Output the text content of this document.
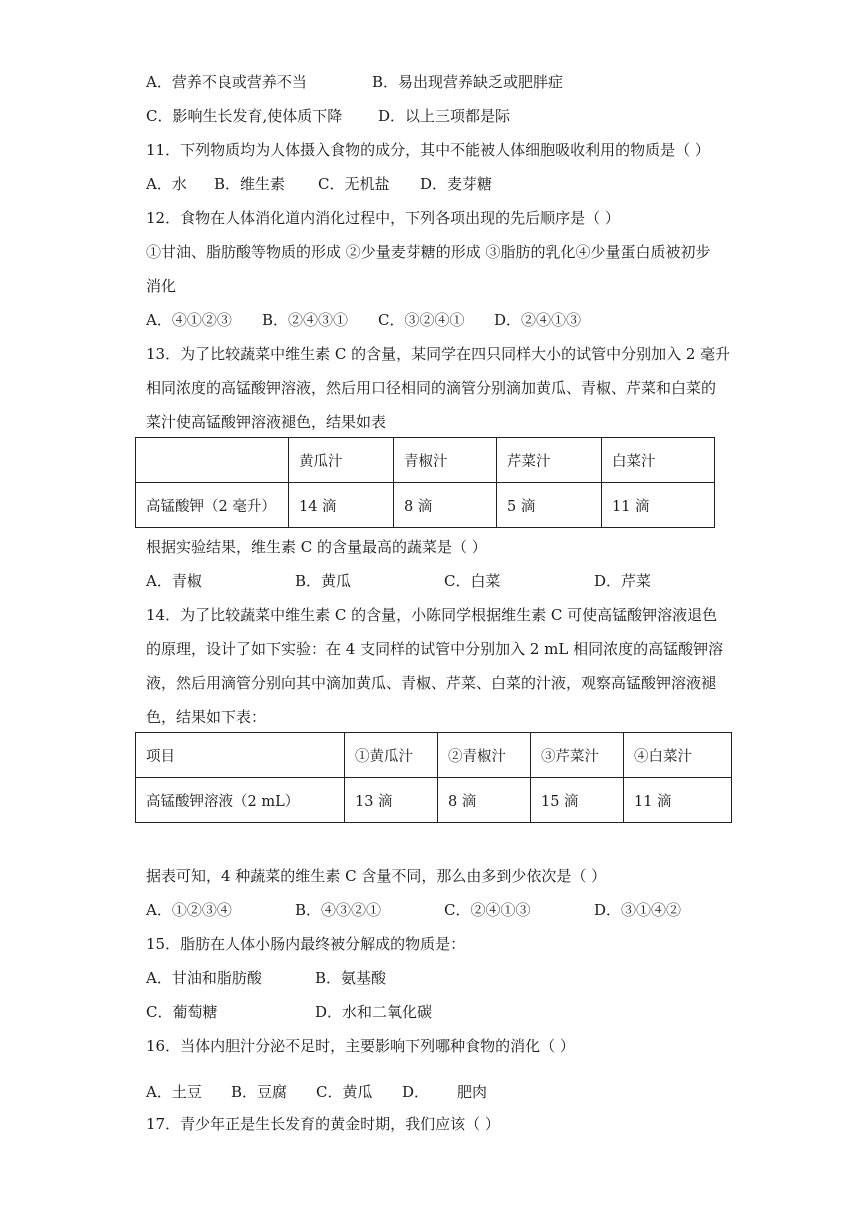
A．营养不良或营养不当	B．易出现营养缺乏或肥胖症
C．影响生长发育,使体质下降 D．以上三项都是际
11．下列物质均为人体摄入食物的成分，其中不能被人体细胞吸收利用的物质是（ ）
A．水 B．维生素 C．无机盐 D．麦芽糖
12．食物在人体消化道内消化过程中，下列各项出现的先后顺序是（ ）
①甘油、脂肪酸等物质的形成 ②少量麦芽糖的形成 ③脂肪的乳化④少量蛋白质被初步
消化
A．④①②③ B．②④③① C．③②④① D．②④①③
13．为了比较蔬菜中维生素 C 的含量，某同学在四只同样大小的试管中分别加入 2 毫升
相同浓度的高锰酸钾溶液，然后用口径相同的滴管分别滴加黄瓜、青椒、芹菜和白菜的
菜汁使高锰酸钾溶液褪色，结果如表
	黄瓜汁	青椒汁	芹菜汁	白菜汁
高锰酸钾（2 毫升）	14 滴	8 滴	5 滴	11 滴
根据实验结果，维生素 C 的含量最高的蔬菜是（ ）
A．青椒	B．黄瓜	C．白菜	D．芹菜
14．为了比较蔬菜中维生素 C 的含量，小陈同学根据维生素 C 可使高锰酸钾溶液退色
的原理，设计了如下实验：在 4 支同样的试管中分别加入 2 mL 相同浓度的高锰酸钾溶
液，然后用滴管分别向其中滴加黄瓜、青椒、芹菜、白菜的汁液，观察高锰酸钾溶液褪
色，结果如下表：
项目	①黄瓜汁	②青椒汁	③芹菜汁	④白菜汁
高锰酸钾溶液（2 mL）	13 滴	8 滴	15 滴	11 滴
据表可知，4 种蔬菜的维生素 C 含量不同，那么由多到少依次是（ ）
A．①②③④	B．④③②①	C．②④①③	D．③①④②
15．脂肪在人体小肠内最终被分解成的物质是：
A．甘油和脂肪酸	B．氨基酸
C．葡萄糖	D．水和二氧化碳
16．当体内胆汁分泌不足时，主要影响下列哪种食物的消化（ ）
A．土豆 B．豆腐 C．黄瓜 D． 肥肉
17．青少年正是生长发育的黄金时期，我们应该（ ）
